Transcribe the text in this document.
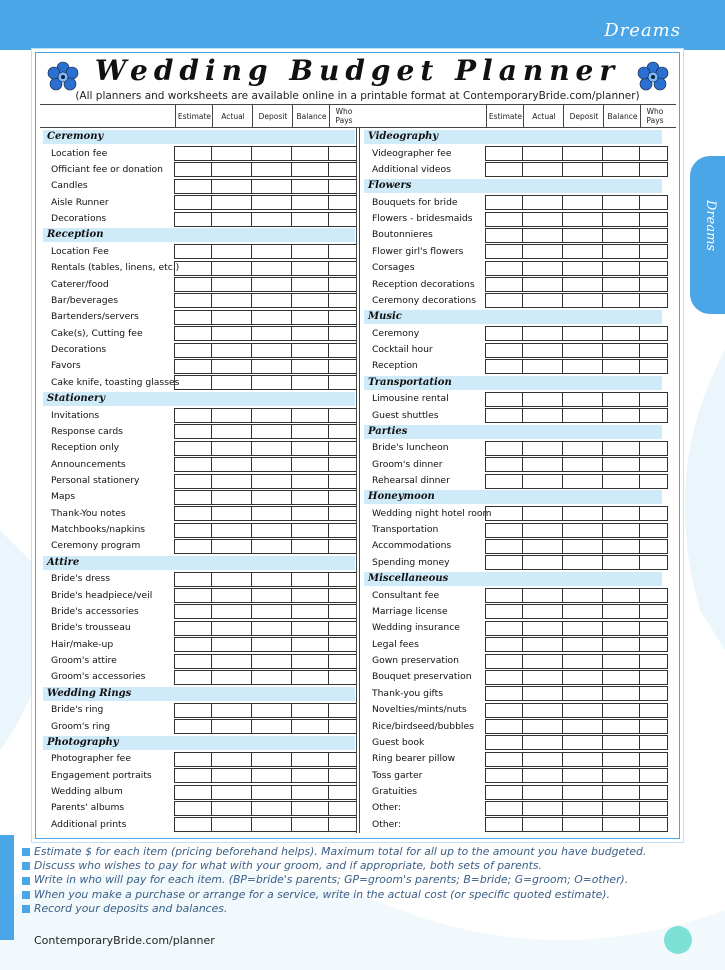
Dreams
Dreams
Wedding Budget Planner
(All planners and worksheets are available online in a printable format at ContemporaryBride.com/planner)
Estimate	Actual	Deposit	Balance	Who Pays	Estimate	Actual	Deposit	Balance	Who Pays
Ceremony
Location fee
Officiant fee or donation
Candles
Aisle Runner
Decorations
Reception
Location Fee
Rentals (tables, linens, etc.)
Caterer/food
Bar/beverages
Bartenders/servers
Cake(s), Cutting fee
Decorations
Favors
Cake knife, toasting glasses
Stationery
Invitations
Response cards
Reception only
Announcements
Personal stationery
Maps
Thank-You notes
Matchbooks/napkins
Ceremony program
Attire
Bride's dress
Bride's headpiece/veil
Bride's accessories
Bride's trousseau
Hair/make-up
Groom's attire
Groom's accessories
Wedding Rings
Bride's ring
Groom's ring
Photography
Photographer fee
Engagement portraits
Wedding album
Parents' albums
Additional prints
Videography
Videographer fee
Additional videos
Flowers
Bouquets for bride
Flowers - bridesmaids
Boutonnieres
Flower girl's flowers
Corsages
Reception decorations
Ceremony decorations
Music
Ceremony
Cocktail hour
Reception
Transportation
Limousine rental
Guest shuttles
Parties
Bride's luncheon
Groom's dinner
Rehearsal dinner
Honeymoon
Wedding night hotel room
Transportation
Accommodations
Spending money
Miscellaneous
Consultant fee
Marriage license
Wedding insurance
Legal fees
Gown preservation
Bouquet preservation
Thank-you gifts
Novelties/mints/nuts
Rice/birdseed/bubbles
Guest book
Ring bearer pillow
Toss garter
Gratuities
Other:
Other:
Estimate $ for each item (pricing beforehand helps). Maximum total for all up to the amount you have budgeted.
Discuss who wishes to pay for what with your groom, and if appropriate, both sets of parents.
Write in who will pay for each item. (BP=bride's parents; GP=groom's parents; B=bride; G=groom; O=other).
When you make a purchase or arrange for a service, write in the actual cost (or specific quoted estimate).
Record your deposits and balances.
ContemporaryBride.com/planner
